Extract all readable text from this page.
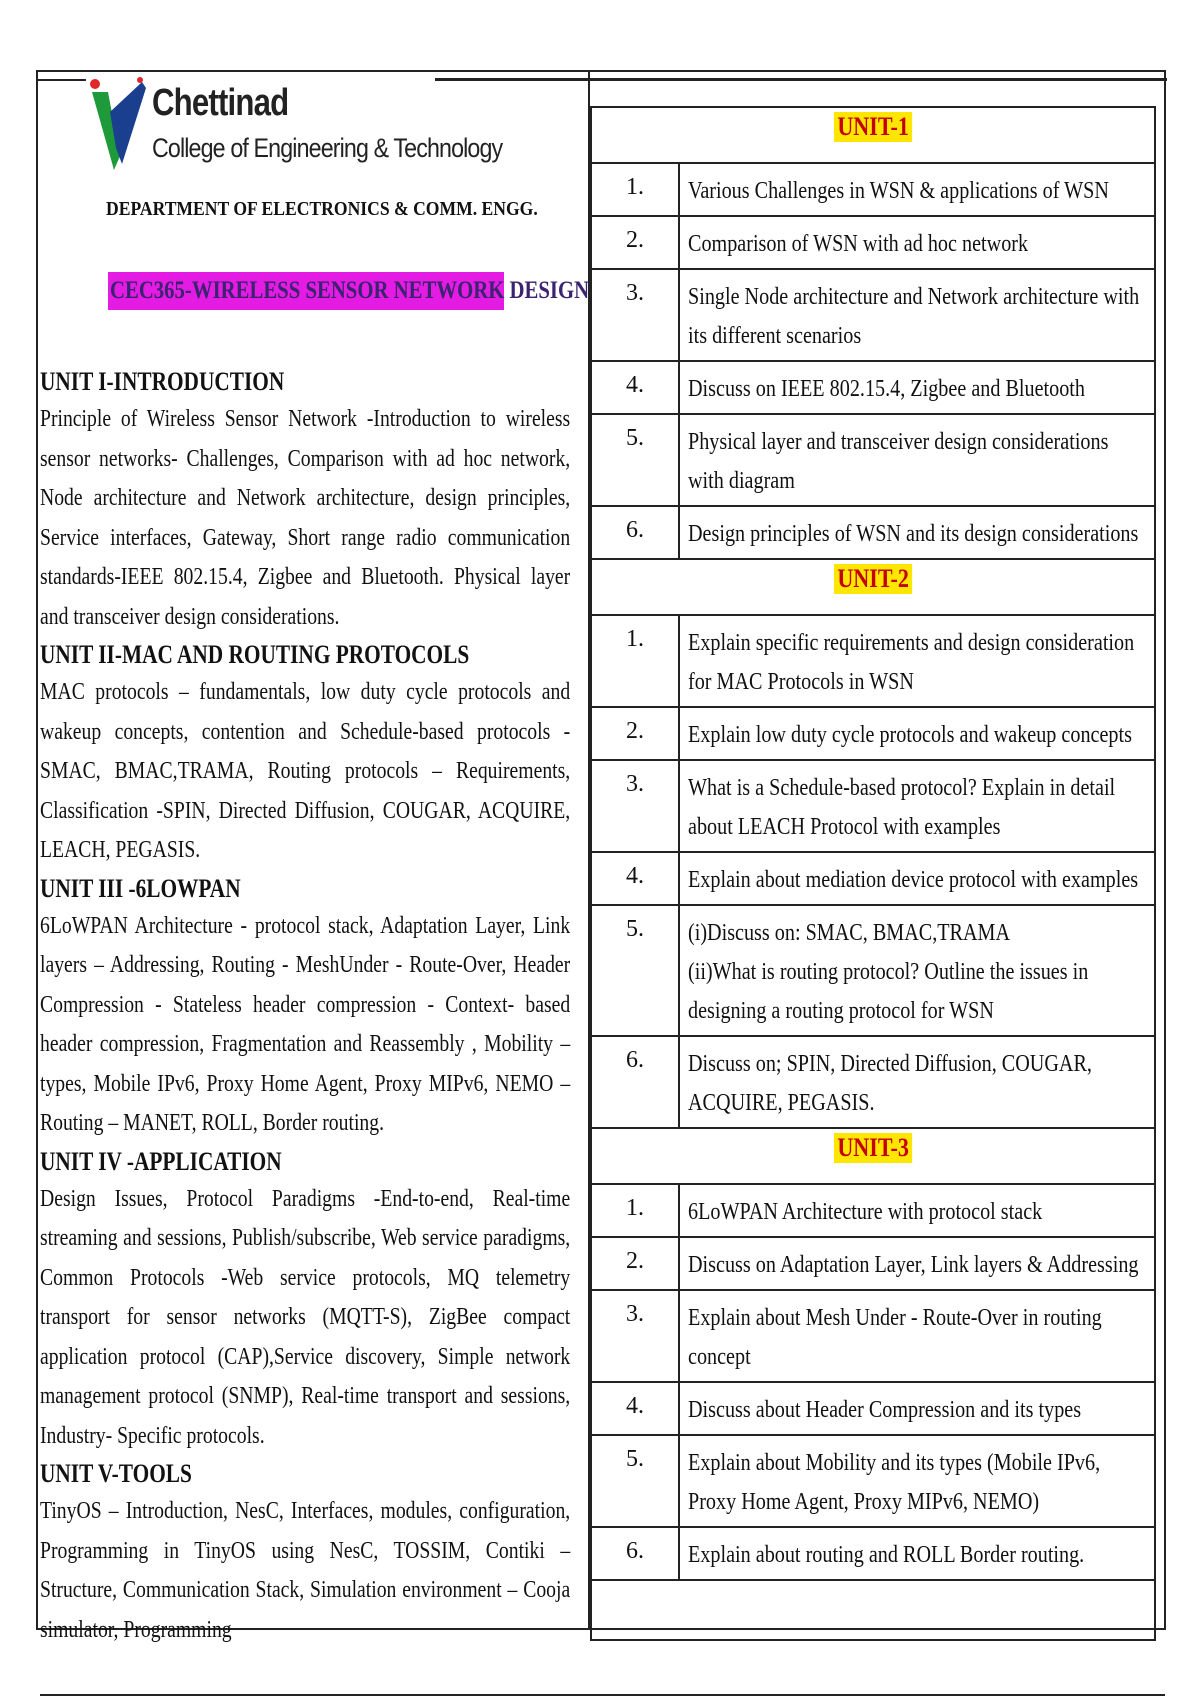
Chettinad
College of Engineering & Technology
DEPARTMENT OF ELECTRONICS & COMM. ENGG.
CEC365-WIRELESS SENSOR NETWORK DESIGN
UNIT I-INTRODUCTION
Principle of Wireless Sensor Network -Introduction to wireless sensor networks- Challenges, Comparison with ad hoc network, Node architecture and Network architecture, design principles, Service interfaces, Gateway, Short range radio communication standards-IEEE 802.15.4, Zigbee and Bluetooth. Physical layer and transceiver design considerations.
UNIT II-MAC AND ROUTING PROTOCOLS
MAC protocols – fundamentals, low duty cycle protocols and wakeup concepts, contention and Schedule-based protocols - SMAC, BMAC,TRAMA, Routing protocols – Requirements, Classification -SPIN, Directed Diffusion, COUGAR, ACQUIRE, LEACH, PEGASIS.
UNIT III -6LOWPAN
6LoWPAN Architecture - protocol stack, Adaptation Layer, Link layers – Addressing, Routing - MeshUnder - Route-Over, Header Compression - Stateless header compression - Context- based header compression, Fragmentation and Reassembly , Mobility – types, Mobile IPv6, Proxy Home Agent, Proxy MIPv6, NEMO –Routing – MANET, ROLL, Border routing.
UNIT IV -APPLICATION
Design Issues, Protocol Paradigms -End-to-end, Real-time streaming and sessions, Publish/subscribe, Web service paradigms, Common Protocols -Web service protocols, MQ telemetry transport for sensor networks (MQTT-S), ZigBee compact application protocol (CAP),Service discovery, Simple network management protocol (SNMP), Real-time transport and sessions, Industry- Specific protocols.
UNIT V-TOOLS
TinyOS – Introduction, NesC, Interfaces, modules, configuration, Programming in TinyOS using NesC, TOSSIM, Contiki – Structure, Communication Stack, Simulation environment – Cooja simulator, Programming
UNIT-1	
1.	Various Challenges in WSN & applications of WSN

2.	Comparison of WSN with ad hoc network

3.	Single Node architecture and Network architecture with its different scenarios

4.	Discuss on IEEE 802.15.4, Zigbee and Bluetooth

5.	Physical layer and transceiver design considerations with diagram

6.	Design principles of WSN and its design considerations

UNIT-2	
1.	Explain specific requirements and design consideration for MAC Protocols in WSN

2.	Explain low duty cycle protocols and wakeup concepts

3.	What is a Schedule-based protocol? Explain in detail about LEACH Protocol with examples

4.	Explain about mediation device protocol with examples

5.	(i)Discuss on: SMAC, BMAC,TRAMA
(ii)What is routing protocol? Outline the issues in designing a routing protocol for WSN

6.	Discuss on; SPIN, Directed Diffusion, COUGAR, ACQUIRE, PEGASIS.

UNIT-3	
1.	6LoWPAN Architecture with protocol stack

2.	Discuss on Adaptation Layer, Link layers & Addressing

3.	Explain about Mesh Under - Route-Over in routing concept

4.	Discuss about Header Compression and its types

5.	Explain about Mobility and its types (Mobile IPv6, Proxy Home Agent, Proxy MIPv6, NEMO)

6.	Explain about routing and ROLL Border routing.
